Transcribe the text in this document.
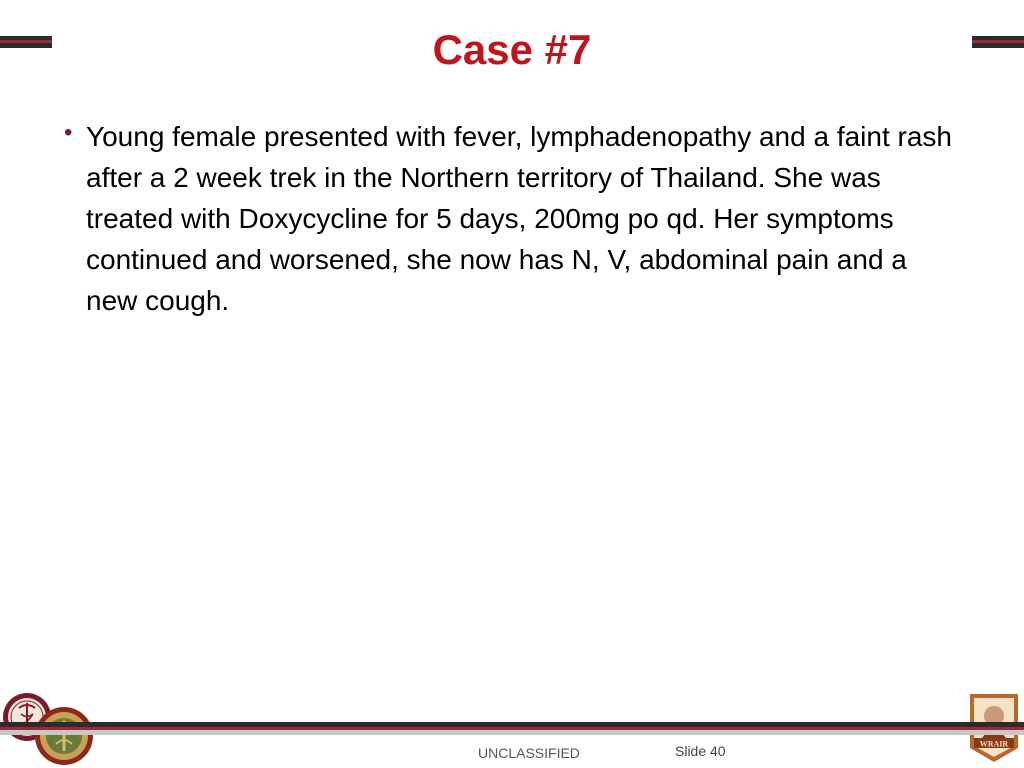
Case #7
• Young female presented with fever, lymphadenopathy and a faint rash after a 2 week trek in the Northern territory of Thailand. She was treated with Doxycycline for 5 days, 200mg po qd. Her symptoms continued and worsened, she now has N, V, abdominal pain and a new cough.
WRAIR
UNCLASSIFIED	Slide 40
